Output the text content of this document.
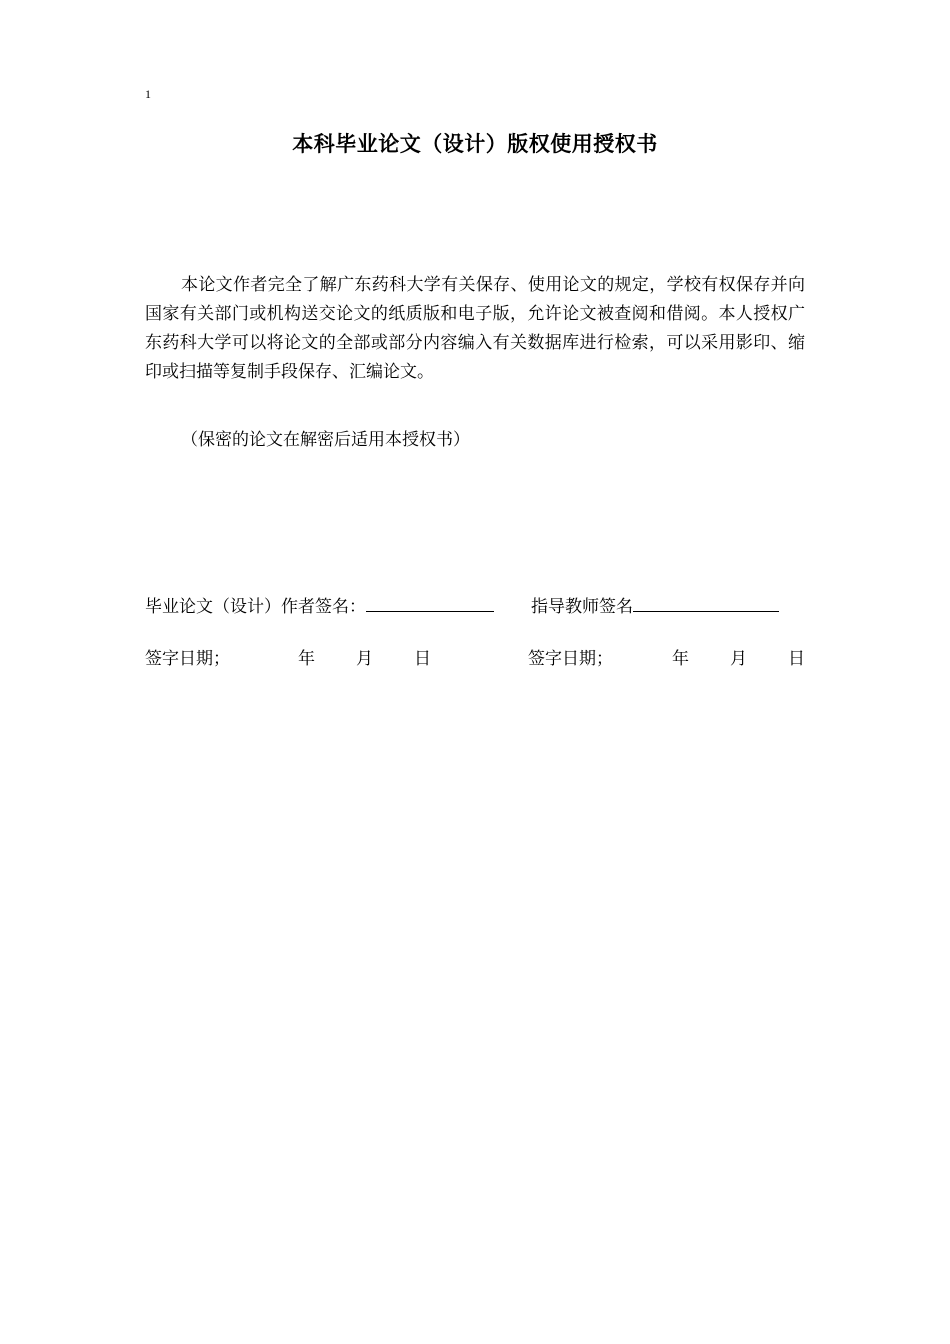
1
本科毕业论文（设计）版权使用授权书

本论文作者完全了解广东药科大学有关保存、使用论文的规定，学校有权保存并向国家有关部门或机构送交论文的纸质版和电子版，允许论文被查阅和借阅。本人授权广东药科大学可以将论文的全部或部分内容编入有关数据库进行检索，可以采用影印、缩印或扫描等复制手段保存、汇编论文。

（保密的论文在解密后适用本授权书）

毕业论文（设计）作者签名：	指导教师签名
签字日期；	年 月 日	签字日期；	年 月 日
